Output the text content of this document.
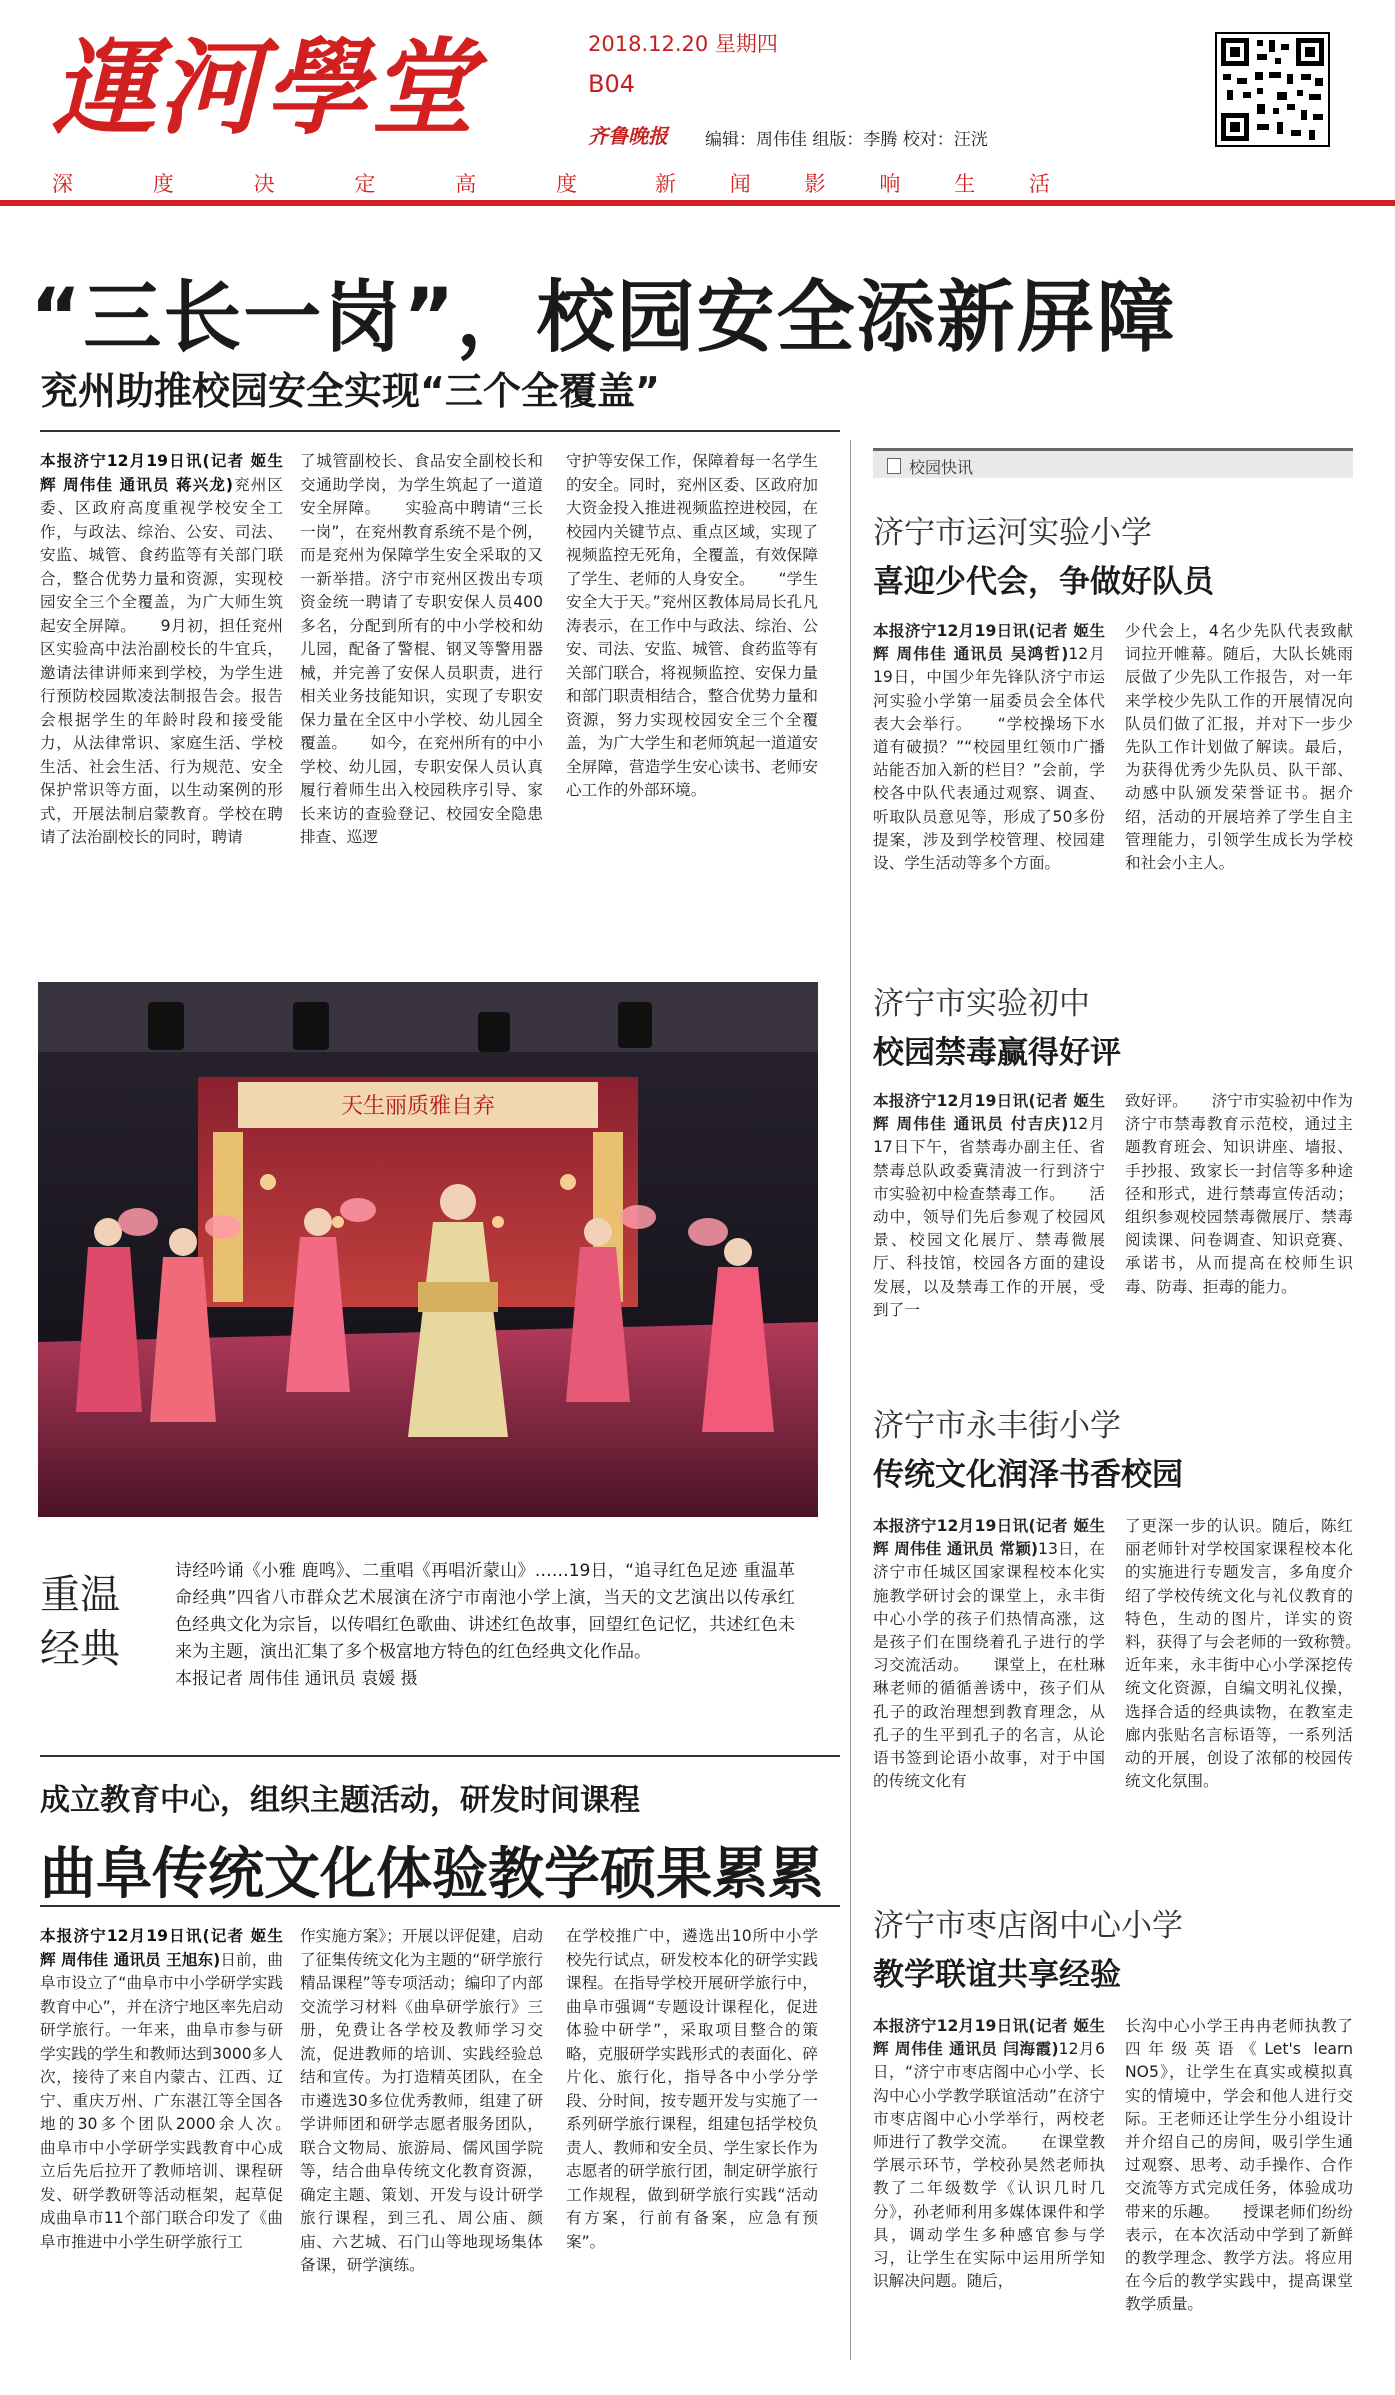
運河學堂	2018.12.20 星期四
B04
齐鲁晚报 编辑：周伟佳 组版：李腾 校对：汪洸
深	度	决	定	高	度	新	闻	影	响	生	活
“三长一岗”，校园安全添新屏障
兖州助推校园安全实现“三个全覆盖”
本报济宁12月19日讯(记者 姬生辉 周伟佳 通讯员 蒋兴龙)兖州区委、区政府高度重视学校安全工作，与政法、综治、公安、司法、安监、城管、食药监等有关部门联合，整合优势力量和资源，实现校园安全三个全覆盖，为广大师生筑起安全屏障。　　9月初，担任兖州区实验高中法治副校长的牛宜兵，邀请法律讲师来到学校，为学生进行预防校园欺凌法制报告会。报告会根据学生的年龄时段和接受能力，从法律常识、家庭生活、学校生活、社会生活、行为规范、安全保护常识等方面，以生动案例的形式，开展法制启蒙教育。学校在聘请了法治副校长的同时，聘请
了城管副校长、食品安全副校长和交通助学岗，为学生筑起了一道道安全屏障。　　实验高中聘请“三长一岗”，在兖州教育系统不是个例，而是兖州为保障学生安全采取的又一新举措。济宁市兖州区拨出专项资金统一聘请了专职安保人员400多名，分配到所有的中小学校和幼儿园，配备了警棍、钢叉等警用器械，并完善了安保人员职责，进行相关业务技能知识，实现了专职安保力量在全区中小学校、幼儿园全覆盖。　　如今，在兖州所有的中小学校、幼儿园，专职安保人员认真履行着师生出入校园秩序引导、家长来访的查验登记、校园安全隐患排查、巡逻
守护等安保工作，保障着每一名学生的安全。同时，兖州区委、区政府加大资金投入推进视频监控进校园，在校园内关键节点、重点区域，实现了视频监控无死角，全覆盖，有效保障了学生、老师的人身安全。　　“学生安全大于天。”兖州区教体局局长孔凡涛表示，在工作中与政法、综治、公安、司法、安监、城管、食药监等有关部门联合，将视频监控、安保力量和部门职责相结合，整合优势力量和资源，努力实现校园安全三个全覆盖，为广大学生和老师筑起一道道安全屏障，营造学生安心读书、老师安心工作的外部环境。
校园快讯
济宁市运河实验小学
喜迎少代会，争做好队员
本报济宁12月19日讯(记者 姬生辉 周伟佳 通讯员 吴鸿哲)12月19日，中国少年先锋队济宁市运河实验小学第一届委员会全体代表大会举行。　　“学校操场下水道有破损？”“校园里红领巾广播站能否加入新的栏目？”会前，学校各中队代表通过观察、调查、听取队员意见等，形成了50多份提案，涉及到学校管理、校园建设、学生活动等多个方面。
少代会上，4名少先队代表致献词拉开帷幕。随后，大队长姚雨辰做了少先队工作报告，对一年来学校少先队工作的开展情况向队员们做了汇报，并对下一步少先队工作计划做了解读。最后，为获得优秀少先队员、队干部、动感中队颁发荣誉证书。据介绍，活动的开展培养了学生自主管理能力，引领学生成长为学校和社会小主人。
济宁市实验初中
校园禁毒赢得好评
本报济宁12月19日讯(记者 姬生辉 周伟佳 通讯员 付吉庆)12月17日下午，省禁毒办副主任、省禁毒总队政委冀清波一行到济宁市实验初中检查禁毒工作。　　活动中，领导们先后参观了校园风景、校园文化展厅、禁毒微展厅、科技馆，校园各方面的建设发展，以及禁毒工作的开展，受到了一
致好评。　　济宁市实验初中作为济宁市禁毒教育示范校，通过主题教育班会、知识讲座、墙报、手抄报、致家长一封信等多种途径和形式，进行禁毒宣传活动；组织参观校园禁毒微展厅、禁毒阅读课、问卷调查、知识竞赛、承诺书，从而提高在校师生识毒、防毒、拒毒的能力。
济宁市永丰街小学
传统文化润泽书香校园
本报济宁12月19日讯(记者 姬生辉 周伟佳 通讯员 常颖)13日，在济宁市任城区国家课程校本化实施教学研讨会的课堂上，永丰街中心小学的孩子们热情高涨，这是孩子们在围绕着孔子进行的学习交流活动。　　课堂上，在杜琳琳老师的循循善诱中，孩子们从孔子的政治理想到教育理念，从孔子的生平到孔子的名言，从论语书签到论语小故事，对于中国的传统文化有
了更深一步的认识。随后，陈红丽老师针对学校国家课程校本化的实施进行专题发言，多角度介绍了学校传统文化与礼仪教育的特色，生动的图片，详实的资料，获得了与会老师的一致称赞。　　近年来，永丰街中心小学深挖传统文化资源，自编文明礼仪操，选择合适的经典读物，在教室走廊内张贴名言标语等，一系列活动的开展，创设了浓郁的校园传统文化氛围。
济宁市枣店阁中心小学
教学联谊共享经验
本报济宁12月19日讯(记者 姬生辉 周伟佳 通讯员 闫海霞)12月6日，“济宁市枣店阁中心小学、长沟中心小学教学联谊活动”在济宁市枣店阁中心小学举行，两校老师进行了教学交流。　　在课堂教学展示环节，学校孙昊然老师执教了二年级数学《认识几时几分》，孙老师利用多媒体课件和学具，调动学生多种感官参与学习，让学生在实际中运用所学知识解决问题。随后，
长沟中心小学王冉冉老师执教了四年级英语《Let's learn NO5》，让学生在真实或模拟真实的情境中，学会和他人进行交际。王老师还让学生分小组设计并介绍自己的房间，吸引学生通过观察、思考、动手操作、合作交流等方式完成任务，体验成功带来的乐趣。　　授课老师们纷纷表示，在本次活动中学到了新鲜的教学理念、教学方法。将应用在今后的教学实践中，提高课堂教学质量。
天生丽质雅自弃
重温经典
诗经吟诵《小雅 鹿鸣》、二重唱《再唱沂蒙山》……19日，“追寻红色足迹 重温革命经典”四省八市群众艺术展演在济宁市南池小学上演，当天的文艺演出以传承红色经典文化为宗旨，以传唱红色歌曲、讲述红色故事，回望红色记忆，共述红色未来为主题，演出汇集了多个极富地方特色的红色经典文化作品。
本报记者 周伟佳 通讯员 袁媛 摄
成立教育中心，组织主题活动，研发时间课程
曲阜传统文化体验教学硕果累累
本报济宁12月19日讯(记者 姬生辉 周伟佳 通讯员 王旭东)日前，曲阜市设立了“曲阜市中小学研学实践教育中心”，并在济宁地区率先启动研学旅行。一年来，曲阜市参与研学实践的学生和教师达到3000多人次，接待了来自内蒙古、江西、辽宁、重庆万州、广东湛江等全国各地的30多个团队2000余人次。　　曲阜市中小学研学实践教育中心成立后先后拉开了教师培训、课程研发、研学教研等活动框架，起草促成曲阜市11个部门联合印发了《曲阜市推进中小学生研学旅行工
作实施方案》；开展以评促建，启动了征集传统文化为主题的“研学旅行精品课程”等专项活动；编印了内部交流学习材料《曲阜研学旅行》三册，免费让各学校及教师学习交流，促进教师的培训、实践经验总结和宣传。为打造精英团队，在全市遴选30多位优秀教师，组建了研学讲师团和研学志愿者服务团队，联合文物局、旅游局、儒风国学院等，结合曲阜传统文化教育资源，确定主题、策划、开发与设计研学旅行课程，到三孔、周公庙、颜庙、六艺城、石门山等地现场集体备课，研学演练。
在学校推广中，遴选出10所中小学校先行试点，研发校本化的研学实践课程。在指导学校开展研学旅行中，曲阜市强调“专题设计课程化，促进体验中研学”，采取项目整合的策略，克服研学实践形式的表面化、碎片化、旅行化，指导各中小学分学段、分时间，按专题开发与实施了一系列研学旅行课程，组建包括学校负责人、教师和安全员、学生家长作为志愿者的研学旅行团，制定研学旅行工作规程，做到研学旅行实践“活动有方案，行前有备案，应急有预案”。
